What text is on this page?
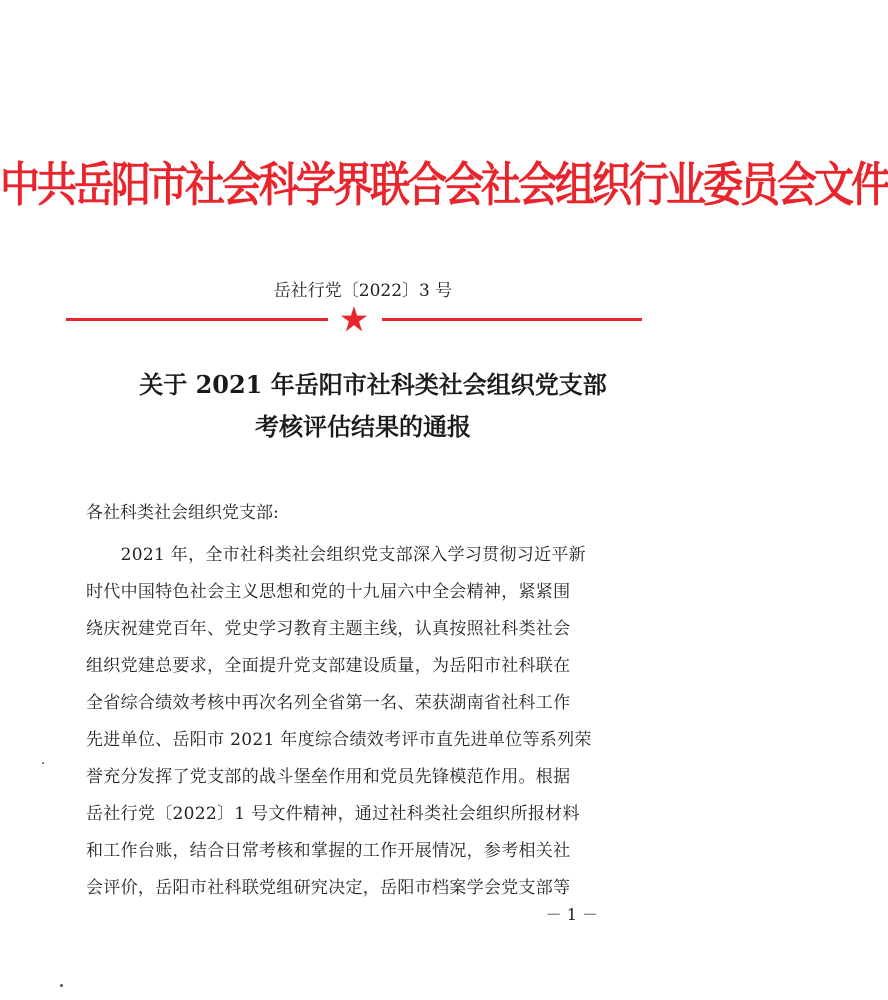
中共岳阳市社会科学界联合会社会组织行业委员会文件
岳社行党〔2022〕3 号
关于 2021 年岳阳市社科类社会组织党支部
考核评估结果的通报
各社科类社会组织党支部:
　　2021 年，全市社科类社会组织党支部深入学习贯彻习近平新
时代中国特色社会主义思想和党的十九届六中全会精神，紧紧围
绕庆祝建党百年、党史学习教育主题主线，认真按照社科类社会
组织党建总要求，全面提升党支部建设质量，为岳阳市社科联在
全省综合绩效考核中再次名列全省第一名、荣获湖南省社科工作
先进单位、岳阳市 2021 年度综合绩效考评市直先进单位等系列荣
誉充分发挥了党支部的战斗堡垒作用和党员先锋模范作用。根据
岳社行党〔2022〕1 号文件精神，通过社科类社会组织所报材料
和工作台账，结合日常考核和掌握的工作开展情况，参考相关社
会评价，岳阳市社科联党组研究决定，岳阳市档案学会党支部等
－ 1 －
